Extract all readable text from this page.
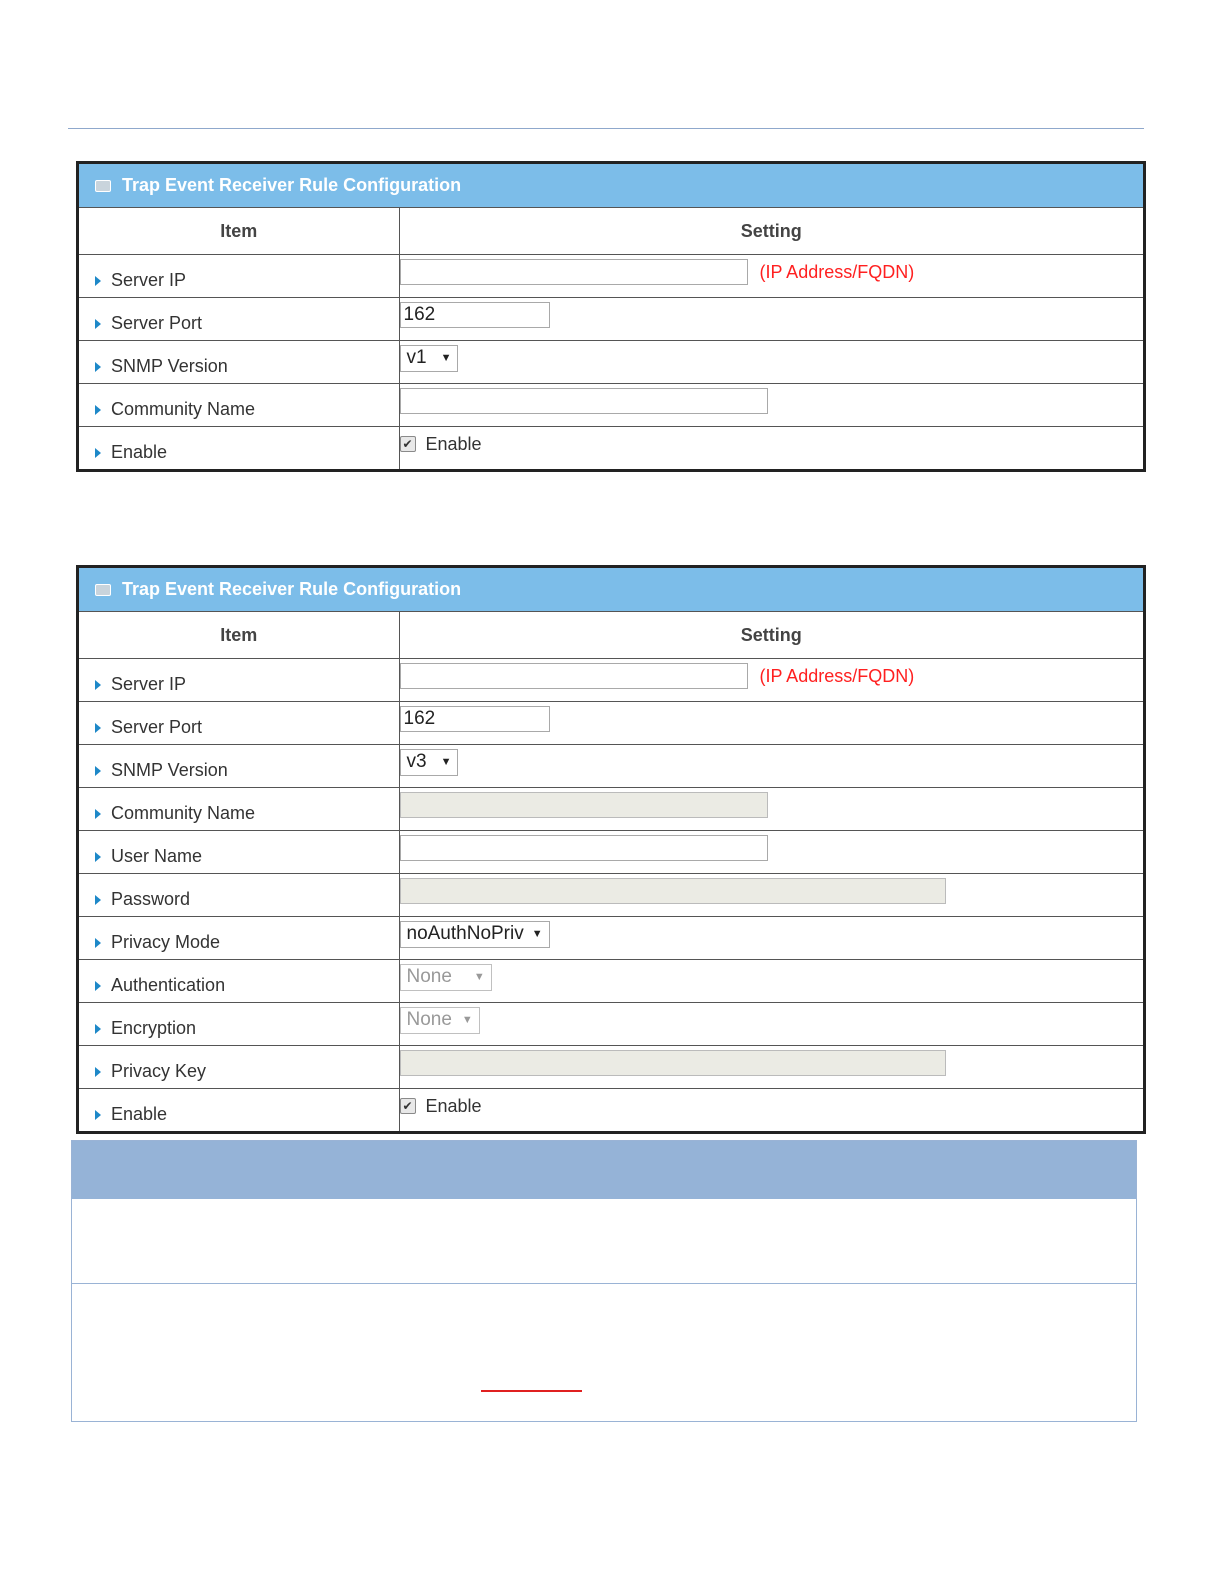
Trap Event Receiver Rule Configuration
Item	Setting

Server IP	(IP Address/FQDN)

Server Port	162

SNMP Version	v1 ▼

Community Name	

Enable	✔ Enable
Trap Event Receiver Rule Configuration
Item	Setting

Server IP	(IP Address/FQDN)

Server Port	162

SNMP Version	v3 ▼

Community Name	

User Name	

Password	

Privacy Mode	noAuthNoPriv ▼

Authentication	None ▼

Encryption	None ▼

Privacy Key	

Enable	✔ Enable
